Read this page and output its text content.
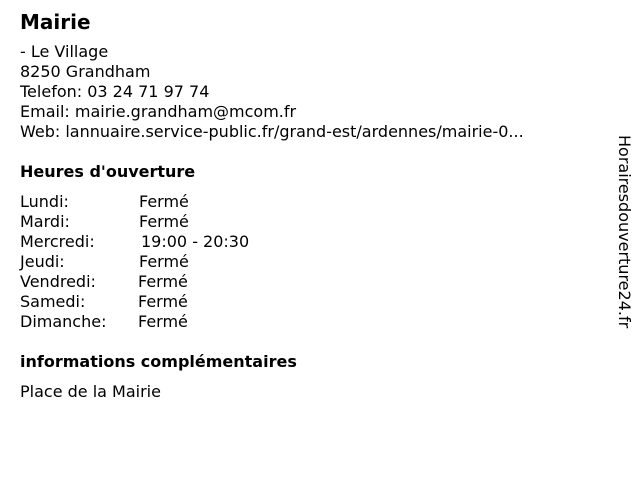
Mairie
- Le Village
8250 Grandham
Telefon: 03 24 71 97 74
Email: mairie.grandham@mcom.fr
Web: lannuaire.service-public.fr/grand-est/ardennes/mairie-0...
Heures d'ouverture
Lundi:	Fermé
Mardi:	Fermé
Mercredi:	19:00 - 20:30
Jeudi:	Fermé
Vendredi:	Fermé
Samedi:	Fermé
Dimanche: Fermé
informations complémentaires
Place de la Mairie
Horairesdouverture24.fr
